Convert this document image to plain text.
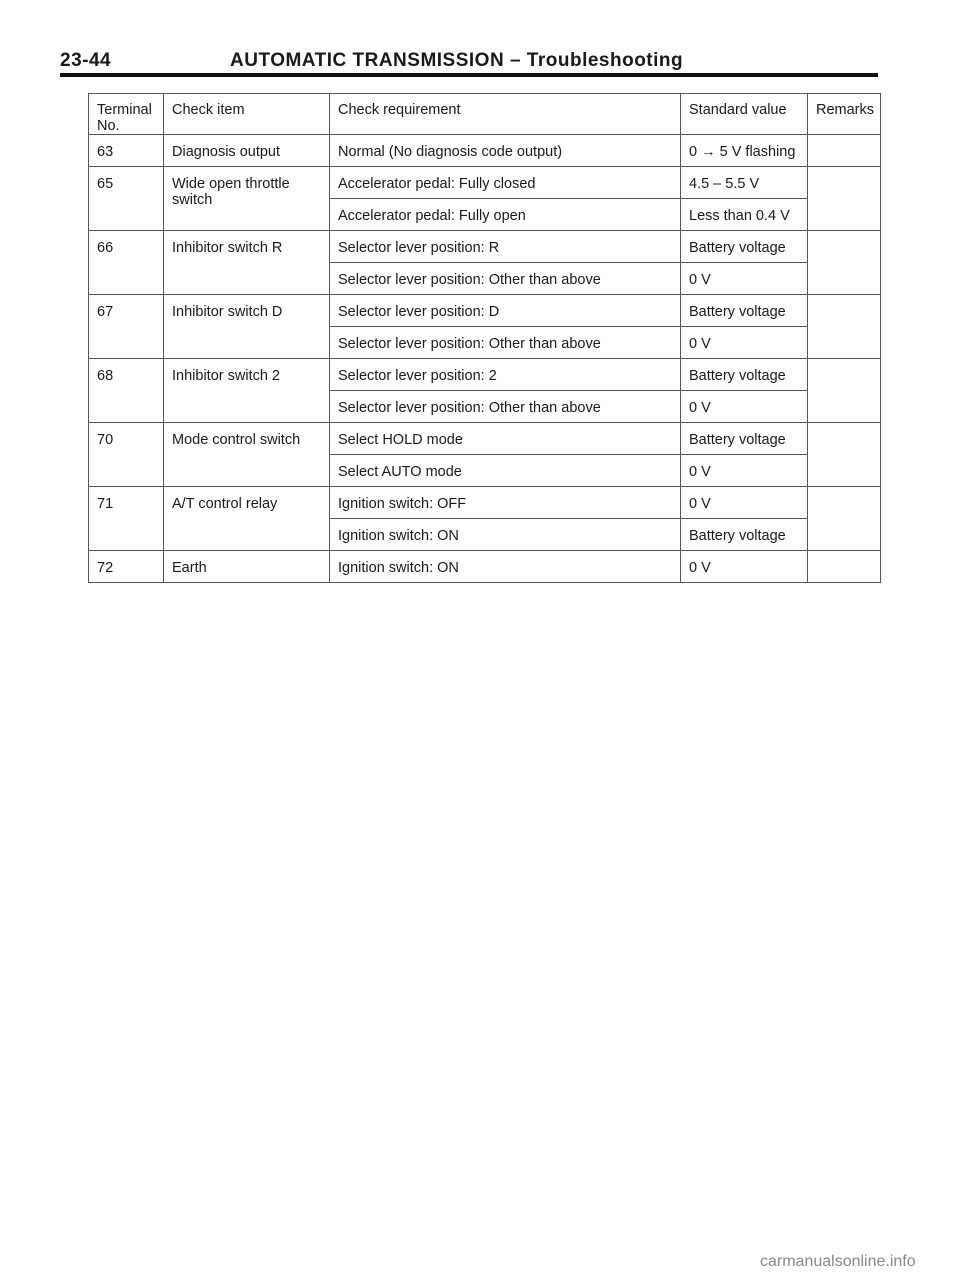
23-44	AUTOMATIC TRANSMISSION – Troubleshooting
Terminal No.	Check item	Check requirement	Standard value	Remarks
63	Diagnosis output	Normal (No diagnosis code output)	0 → 5 V flashing	
65	Wide open throttle switch	Accelerator pedal: Fully closed	4.5 – 5.5 V	
		Accelerator pedal: Fully open	Less than 0.4 V	
66	Inhibitor switch R	Selector lever position: R	Battery voltage	
		Selector lever position: Other than above	0 V	
67	Inhibitor switch D	Selector lever position: D	Battery voltage	
		Selector lever position: Other than above	0 V	
68	Inhibitor switch 2	Selector lever position: 2	Battery voltage	
		Selector lever position: Other than above	0 V	
70	Mode control switch	Select HOLD mode	Battery voltage	
		Select AUTO mode	0 V	
71	A/T control relay	Ignition switch: OFF	0 V	
		Ignition switch: ON	Battery voltage	
72	Earth	Ignition switch: ON	0 V	
carmanualsonline.info
